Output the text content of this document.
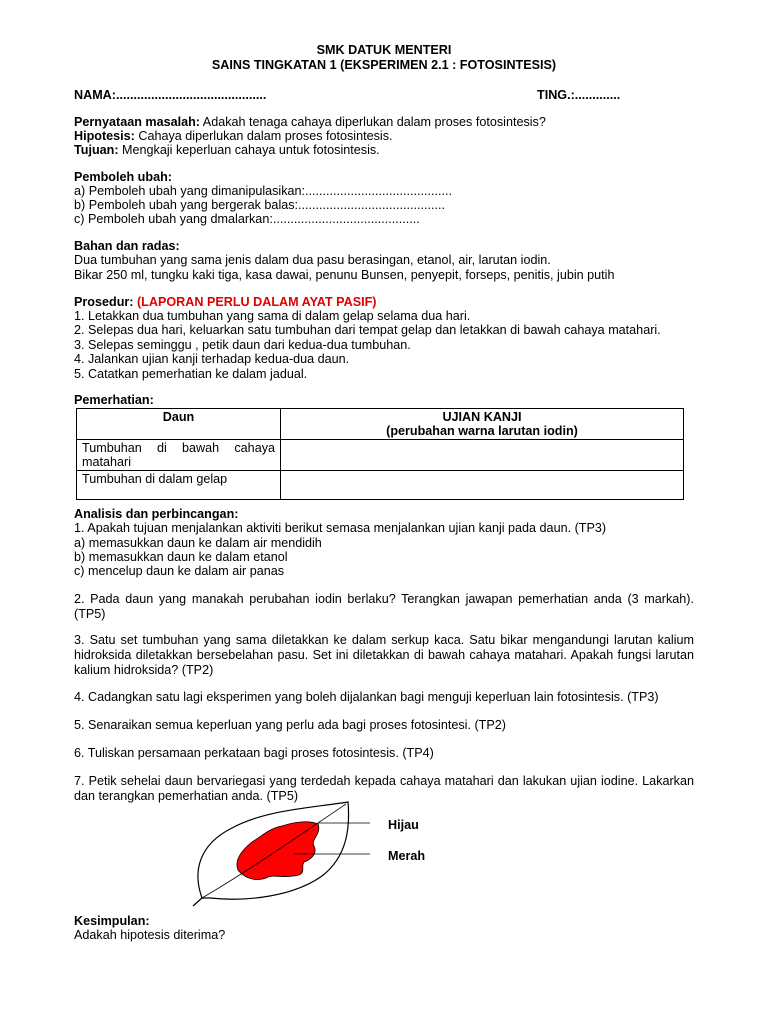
SMK DATUK MENTERI
SAINS TINGKATAN 1 (EKSPERIMEN 2.1 : FOTOSINTESIS)
NAMA:...........................................	TING.:.............
Pernyataan masalah: Adakah tenaga cahaya diperlukan dalam proses fotosintesis?
Hipotesis: Cahaya diperlukan dalam proses fotosintesis.
Tujuan: Mengkaji keperluan cahaya untuk fotosintesis.
Pemboleh ubah:
a) Pemboleh ubah yang dimanipulasikan:..........................................
b) Pemboleh ubah yang bergerak balas:..........................................
c) Pemboleh ubah yang dmalarkan:..........................................
Bahan dan radas:
Dua tumbuhan yang sama jenis dalam dua pasu berasingan, etanol, air, larutan iodin.
Bikar 250 ml, tungku kaki tiga, kasa dawai, penunu Bunsen, penyepit, forseps, penitis, jubin putih
Prosedur: (LAPORAN PERLU DALAM AYAT PASIF)
1. Letakkan dua tumbuhan yang sama di dalam gelap selama dua hari.
2. Selepas dua hari, keluarkan satu tumbuhan dari tempat gelap dan letakkan di bawah cahaya matahari.
3. Selepas seminggu , petik daun dari kedua-dua tumbuhan.
4. Jalankan ujian kanji terhadap kedua-dua daun.
5. Catatkan pemerhatian ke dalam jadual.
Pemerhatian:
Daun	UJIAN KANJI
(perubahan warna larutan iodin)

Tumbuhan di bawah cahaya matahari	
Tumbuhan di dalam gelap	
Analisis dan perbincangan:
1. Apakah tujuan menjalankan aktiviti berikut semasa menjalankan ujian kanji pada daun. (TP3)
a) memasukkan daun ke dalam air mendidih
b) memasukkan daun ke dalam etanol
c) mencelup daun ke dalam air panas
2. Pada daun yang manakah perubahan iodin berlaku? Terangkan jawapan pemerhatian anda (3 markah). (TP5)
3. Satu set tumbuhan yang sama diletakkan ke dalam serkup kaca. Satu bikar mengandungi larutan kalium hidroksida diletakkan bersebelahan pasu. Set ini diletakkan di bawah cahaya matahari. Apakah fungsi larutan kalium hidroksida? (TP2)
4. Cadangkan satu lagi eksperimen yang boleh dijalankan bagi menguji keperluan lain fotosintesis. (TP3)
5. Senaraikan semua keperluan yang perlu ada bagi proses fotosintesi. (TP2)
6. Tuliskan persamaan perkataan bagi proses fotosintesis. (TP4)
7. Petik sehelai daun bervariegasi yang terdedah kepada cahaya matahari dan lakukan ujian iodine. Lakarkan dan terangkan pemerhatian anda. (TP5)
Hijau
Merah
Kesimpulan:
Adakah hipotesis diterima?
